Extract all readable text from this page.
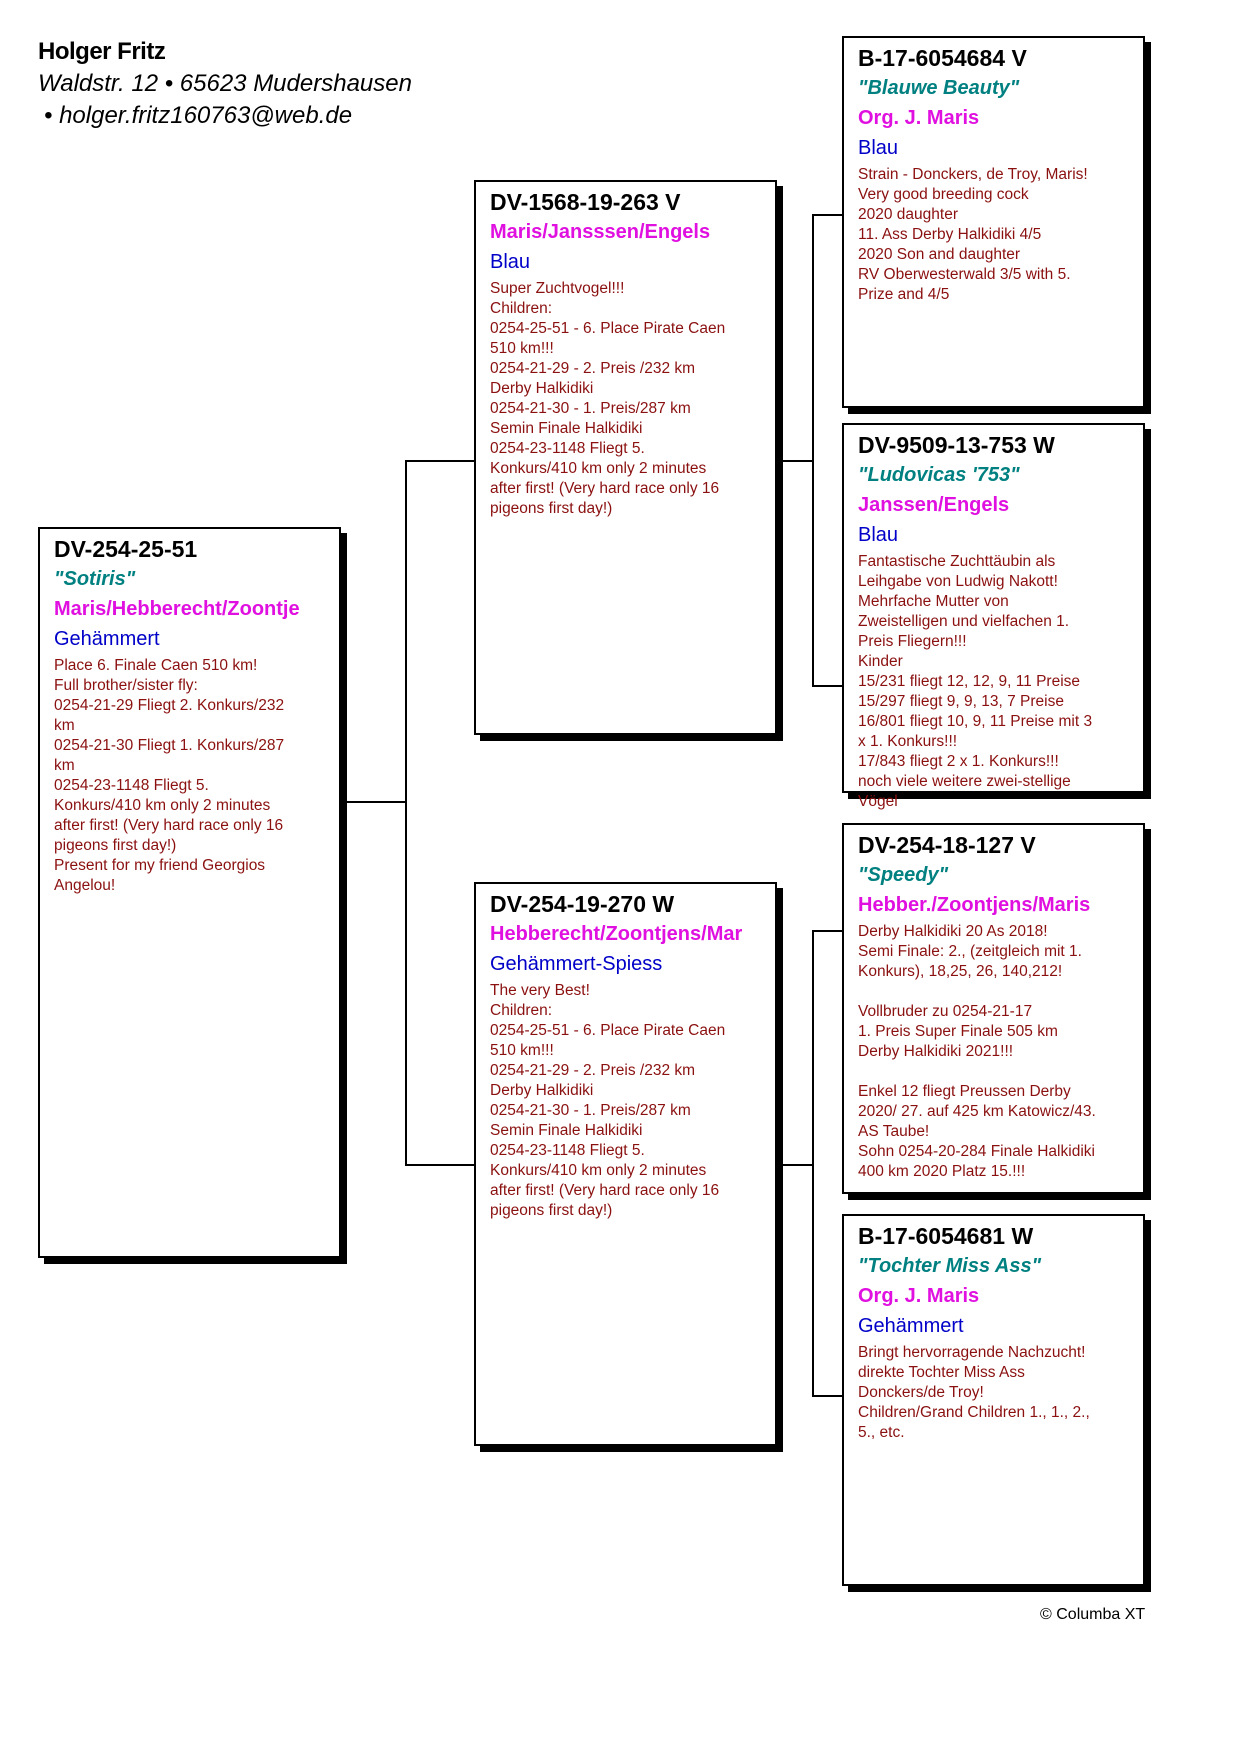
Holger Fritz
Waldstr. 12 • 65623 Mudershausen
• holger.fritz160763@web.de
DV-254-25-51
"Sotiris"
Maris/Hebberecht/Zoontje
Gehämmert
Place 6. Finale Caen 510 km!
Full brother/sister fly:
0254-21-29 Fliegt 2. Konkurs/232
km
0254-21-30 Fliegt 1. Konkurs/287
km
0254-23-1148 Fliegt 5.
Konkurs/410 km only 2 minutes
after first! (Very hard race only 16
pigeons first day!)
Present for my friend Georgios
Angelou!
DV-1568-19-263 V
Maris/Jansssen/Engels
Blau
Super Zuchtvogel!!!
Children:
0254-25-51 - 6. Place Pirate Caen
510 km!!!
0254-21-29 - 2. Preis /232 km
Derby Halkidiki
0254-21-30 - 1. Preis/287 km
Semin Finale Halkidiki
0254-23-1148 Fliegt 5.
Konkurs/410 km only 2 minutes
after first! (Very hard race only 16
pigeons first day!)
DV-254-19-270 W
Hebberecht/Zoontjens/Mar
Gehämmert-Spiess
The very Best!
Children:
0254-25-51 - 6. Place Pirate Caen
510 km!!!
0254-21-29 - 2. Preis /232 km
Derby Halkidiki
0254-21-30 - 1. Preis/287 km
Semin Finale Halkidiki
0254-23-1148 Fliegt 5.
Konkurs/410 km only 2 minutes
after first! (Very hard race only 16
pigeons first day!)
B-17-6054684 V
"Blauwe Beauty"
Org. J. Maris
Blau
Strain - Donckers, de Troy, Maris!
Very good breeding cock
2020 daughter
11. Ass Derby Halkidiki 4/5
2020 Son and daughter
RV Oberwesterwald 3/5 with 5.
Prize and 4/5
DV-9509-13-753 W
"Ludovicas '753"
Janssen/Engels
Blau
Fantastische Zuchttäubin als
Leihgabe von Ludwig Nakott!
Mehrfache Mutter von
Zweistelligen und vielfachen 1.
Preis Fliegern!!!
Kinder
15/231 fliegt 12, 12, 9, 11 Preise
15/297 fliegt 9, 9, 13, 7 Preise
16/801 fliegt 10, 9, 11 Preise mit 3
x 1. Konkurs!!!
17/843 fliegt 2 x 1. Konkurs!!!
noch viele weitere zwei-stellige
Vögel
DV-254-18-127 V
"Speedy"
Hebber./Zoontjens/Maris
Derby Halkidiki 20 As 2018!
Semi Finale: 2., (zeitgleich mit 1.
Konkurs), 18,25, 26, 140,212!

Vollbruder zu 0254-21-17
1. Preis Super Finale 505 km
Derby Halkidiki 2021!!!

Enkel 12 fliegt Preussen Derby
2020/ 27. auf 425 km Katowicz/43.
AS Taube!
Sohn 0254-20-284 Finale Halkidiki
400 km 2020 Platz 15.!!!
B-17-6054681 W
"Tochter Miss Ass"
Org. J. Maris
Gehämmert
Bringt hervorragende Nachzucht!
direkte Tochter Miss Ass
Donckers/de Troy!
Children/Grand Children 1., 1., 2.,
5., etc.
© Columba XT
